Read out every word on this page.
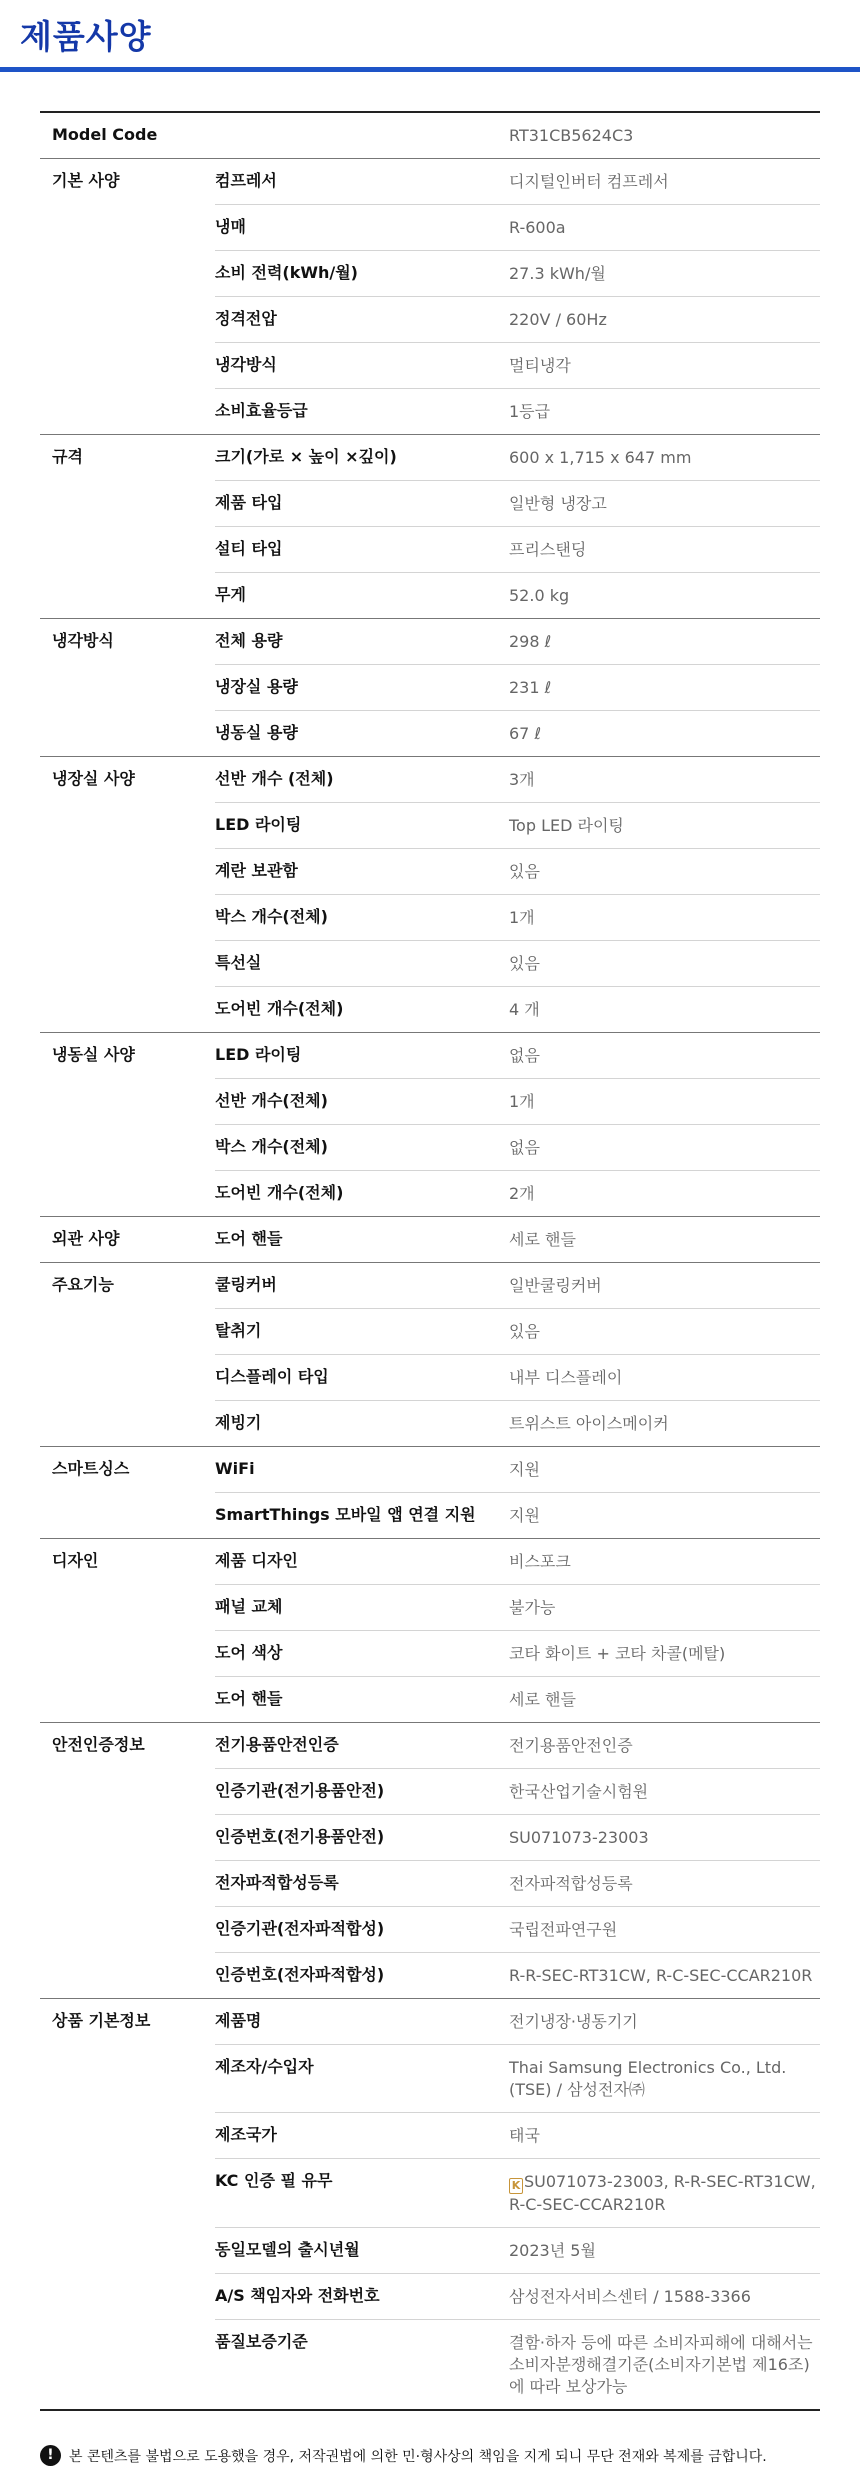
제품사양
Model Code	RT31CB5624C3
기본 사양	컴프레서	디지털인버터 컴프레서
냉매	R-600a
소비 전력(kWh/월)	27.3 kWh/월
정격전압	220V / 60Hz
냉각방식	멀티냉각
소비효율등급	1등급
규격	크기(가로 × 높이 ×깊이)	600 x 1,715 x 647 mm
제품 타입	일반형 냉장고
설티 타입	프리스탠딩
무게	52.0 kg
냉각방식	전체 용량	298 ℓ
냉장실 용량	231 ℓ
냉동실 용량	67 ℓ
냉장실 사양	선반 개수 (전체)	3개
LED 라이팅	Top LED 라이팅
계란 보관함	있음
박스 개수(전체)	1개
특선실	있음
도어빈 개수(전체)	4 개
냉동실 사양	LED 라이팅	없음
선반 개수(전체)	1개
박스 개수(전체)	없음
도어빈 개수(전체)	2개
외관 사양	도어 핸들	세로 핸들
주요기능	쿨링커버	일반쿨링커버
탈취기	있음
디스플레이 타입	내부 디스플레이
제빙기	트위스트 아이스메이커
스마트싱스	WiFi	지원
SmartThings 모바일 앱 연결 지원	지원
디자인	제품 디자인	비스포크
패널 교체	불가능
도어 색상	코타 화이트 + 코타 차콜(메탈)
도어 핸들	세로 핸들
안전인증정보	전기용품안전인증	전기용품안전인증
인증기관(전기용품안전)	한국산업기술시험원
인증번호(전기용품안전)	SU071073-23003
전자파적합성등록	전자파적합성등록
인증기관(전자파적합성)	국립전파연구원
인증번호(전자파적합성)	R-R-SEC-RT31CW, R-C-SEC-CCAR210R
상품 기본정보	제품명	전기냉장·냉동기기
제조자/수입자	Thai Samsung Electronics Co., Ltd.
(TSE) / 삼성전자㈜
제조국가	태국
KC 인증 필 유무	K SU071073-23003, R-R-SEC-RT31CW,
R-C-SEC-CCAR210R
동일모델의 출시년월	2023년 5월
A/S 책임자와 전화번호	삼성전자서비스센터 / 1588-3366
품질보증기준	결함·하자 등에 따른 소비자피해에 대해서는
소비자분쟁해결기준(소비자기본법 제16조)
에 따라 보상가능
!	본 콘텐츠를 불법으로 도용했을 경우, 저작권법에 의한 민·형사상의 책임을 지게 되니 무단 전재와 복제를 금합니다.
